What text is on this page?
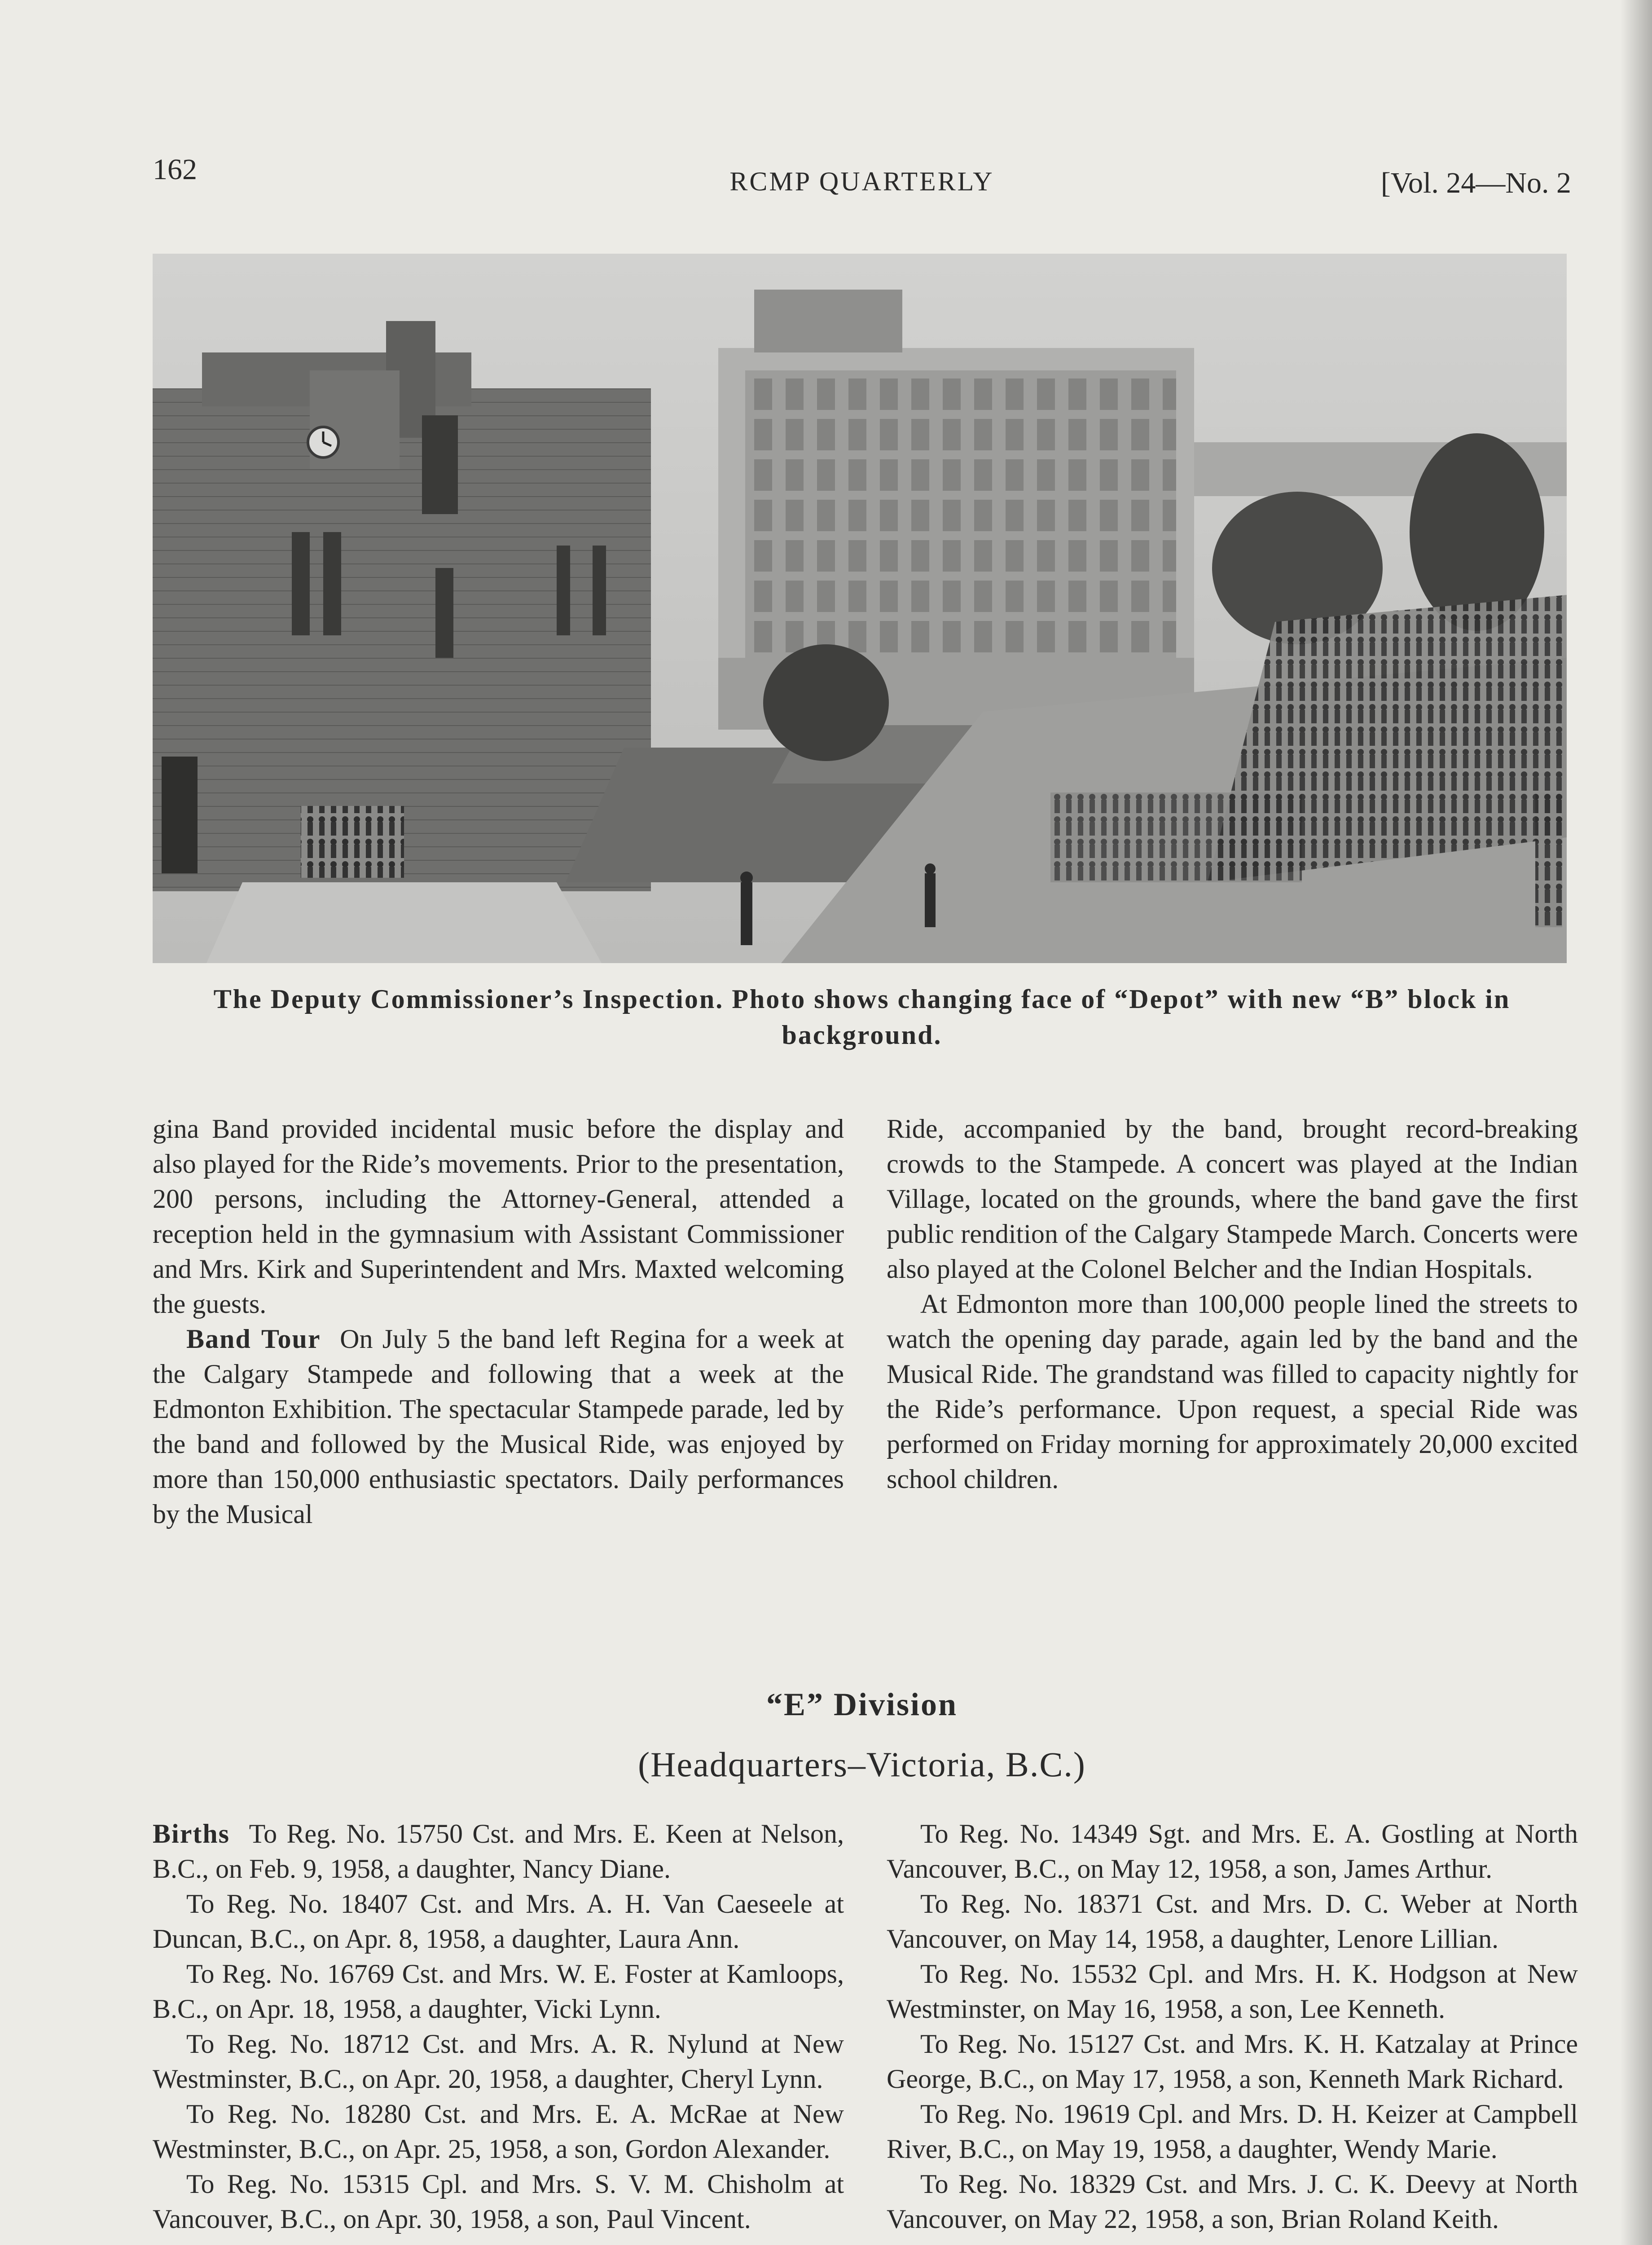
162	RCMP QUARTERLY	[Vol. 24—No. 2
The Deputy Commissioner’s Inspection. Photo shows changing face of “Depot” with new “B” block in background.

gina Band provided incidental music before the display and also played for the Ride’s movements. Prior to the presentation, 200 persons, including the Attorney-General, attended a reception held in the gymnasium with Assistant Commissioner and Mrs. Kirk and Superintendent and Mrs. Maxted welcoming the guests.

Band Tour On July 5 the band left Regina for a week at the Calgary Stampede and following that a week at the Edmonton Exhibition. The spectacular Stampede parade, led by the band and followed by the Musical Ride, was enjoyed by more than 150,000 enthusiastic spectators. Daily performances by the Musical

Ride, accompanied by the band, brought record-breaking crowds to the Stampede. A concert was played at the Indian Village, located on the grounds, where the band gave the first public rendition of the Calgary Stampede March. Concerts were also played at the Colonel Belcher and the Indian Hospitals.

At Edmonton more than 100,000 people lined the streets to watch the opening day parade, again led by the band and the Musical Ride. The grandstand was filled to capacity nightly for the Ride’s performance. Upon request, a special Ride was performed on Friday morning for approximately 20,000 excited school children.

“E” Division
(Headquarters–Victoria, B.C.)

Births To Reg. No. 15750 Cst. and Mrs. E. Keen at Nelson, B.C., on Feb. 9, 1958, a daughter, Nancy Diane.

To Reg. No. 18407 Cst. and Mrs. A. H. Van Caeseele at Duncan, B.C., on Apr. 8, 1958, a daughter, Laura Ann.

To Reg. No. 16769 Cst. and Mrs. W. E. Foster at Kamloops, B.C., on Apr. 18, 1958, a daughter, Vicki Lynn.

To Reg. No. 18712 Cst. and Mrs. A. R. Nylund at New Westminster, B.C., on Apr. 20, 1958, a daughter, Cheryl Lynn.

To Reg. No. 18280 Cst. and Mrs. E. A. McRae at New Westminster, B.C., on Apr. 25, 1958, a son, Gordon Alexander.

To Reg. No. 15315 Cpl. and Mrs. S. V. M. Chisholm at Vancouver, B.C., on Apr. 30, 1958, a son, Paul Vincent.

To Reg. No. 14349 Sgt. and Mrs. E. A. Gostling at North Vancouver, B.C., on May 12, 1958, a son, James Arthur.

To Reg. No. 18371 Cst. and Mrs. D. C. Weber at North Vancouver, on May 14, 1958, a daughter, Lenore Lillian.

To Reg. No. 15532 Cpl. and Mrs. H. K. Hodgson at New Westminster, on May 16, 1958, a son, Lee Kenneth.

To Reg. No. 15127 Cst. and Mrs. K. H. Katzalay at Prince George, B.C., on May 17, 1958, a son, Kenneth Mark Richard.

To Reg. No. 19619 Cpl. and Mrs. D. H. Keizer at Campbell River, B.C., on May 19, 1958, a daughter, Wendy Marie.

To Reg. No. 18329 Cst. and Mrs. J. C. K. Deevy at North Vancouver, on May 22, 1958, a son, Brian Roland Keith.
